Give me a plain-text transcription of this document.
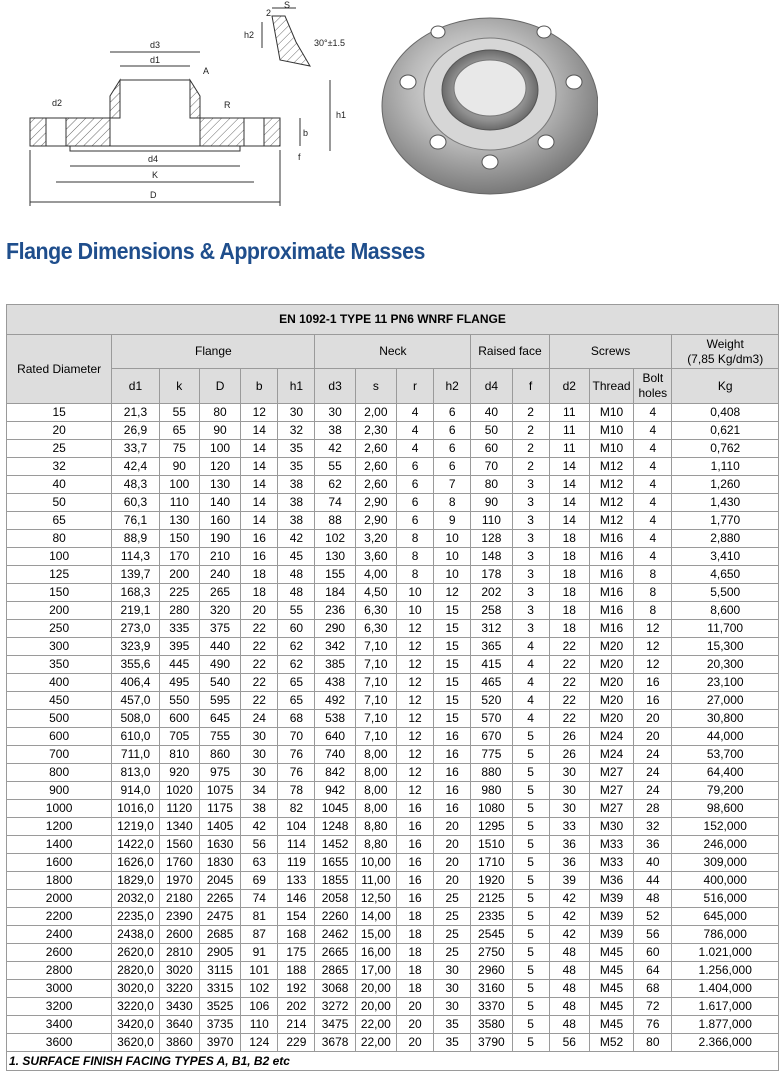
d3
d1
d2
d4
K
D
h1
h2
A
R
b
f
2
S
30°±1.5
Flange Dimensions & Approximate Masses
EN 1092-1 TYPE 11 PN6 WNRF FLANGE															
Rated Diameter	Flange					Neck				Raised face		Screws			Weight
(7,85 Kg/dm3)
	d1	k	D	b	h1	d3	s	r	h2	d4	f	d2	Thread	Bolt holes	Kg
15	21,3	55	80	12	30	30	2,00	4	6	40	2	11	M10	4	0,408
20	26,9	65	90	14	32	38	2,30	4	6	50	2	11	M10	4	0,621
25	33,7	75	100	14	35	42	2,60	4	6	60	2	11	M10	4	0,762
32	42,4	90	120	14	35	55	2,60	6	6	70	2	14	M12	4	1,110
40	48,3	100	130	14	38	62	2,60	6	7	80	3	14	M12	4	1,260
50	60,3	110	140	14	38	74	2,90	6	8	90	3	14	M12	4	1,430
65	76,1	130	160	14	38	88	2,90	6	9	110	3	14	M12	4	1,770
80	88,9	150	190	16	42	102	3,20	8	10	128	3	18	M16	4	2,880
100	114,3	170	210	16	45	130	3,60	8	10	148	3	18	M16	4	3,410
125	139,7	200	240	18	48	155	4,00	8	10	178	3	18	M16	8	4,650
150	168,3	225	265	18	48	184	4,50	10	12	202	3	18	M16	8	5,500
200	219,1	280	320	20	55	236	6,30	10	15	258	3	18	M16	8	8,600
250	273,0	335	375	22	60	290	6,30	12	15	312	3	18	M16	12	11,700
300	323,9	395	440	22	62	342	7,10	12	15	365	4	22	M20	12	15,300
350	355,6	445	490	22	62	385	7,10	12	15	415	4	22	M20	12	20,300
400	406,4	495	540	22	65	438	7,10	12	15	465	4	22	M20	16	23,100
450	457,0	550	595	22	65	492	7,10	12	15	520	4	22	M20	16	27,000
500	508,0	600	645	24	68	538	7,10	12	15	570	4	22	M20	20	30,800
600	610,0	705	755	30	70	640	7,10	12	16	670	5	26	M24	20	44,000
700	711,0	810	860	30	76	740	8,00	12	16	775	5	26	M24	24	53,700
800	813,0	920	975	30	76	842	8,00	12	16	880	5	30	M27	24	64,400
900	914,0	1020	1075	34	78	942	8,00	12	16	980	5	30	M27	24	79,200
1000	1016,0	1120	1175	38	82	1045	8,00	16	16	1080	5	30	M27	28	98,600
1200	1219,0	1340	1405	42	104	1248	8,80	16	20	1295	5	33	M30	32	152,000
1400	1422,0	1560	1630	56	114	1452	8,80	16	20	1510	5	36	M33	36	246,000
1600	1626,0	1760	1830	63	119	1655	10,00	16	20	1710	5	36	M33	40	309,000
1800	1829,0	1970	2045	69	133	1855	11,00	16	20	1920	5	39	M36	44	400,000
2000	2032,0	2180	2265	74	146	2058	12,50	16	25	2125	5	42	M39	48	516,000
2200	2235,0	2390	2475	81	154	2260	14,00	18	25	2335	5	42	M39	52	645,000
2400	2438,0	2600	2685	87	168	2462	15,00	18	25	2545	5	42	M39	56	786,000
2600	2620,0	2810	2905	91	175	2665	16,00	18	25	2750	5	48	M45	60	1.021,000
2800	2820,0	3020	3115	101	188	2865	17,00	18	30	2960	5	48	M45	64	1.256,000
3000	3020,0	3220	3315	102	192	3068	20,00	18	30	3160	5	48	M45	68	1.404,000
3200	3220,0	3430	3525	106	202	3272	20,00	20	30	3370	5	48	M45	72	1.617,000
3400	3420,0	3640	3735	110	214	3475	22,00	20	35	3580	5	48	M45	76	1.877,000
3600	3620,0	3860	3970	124	229	3678	22,00	20	35	3790	5	56	M52	80	2.366,000
1. SURFACE FINISH FACING TYPES A, B1, B2 etc															
